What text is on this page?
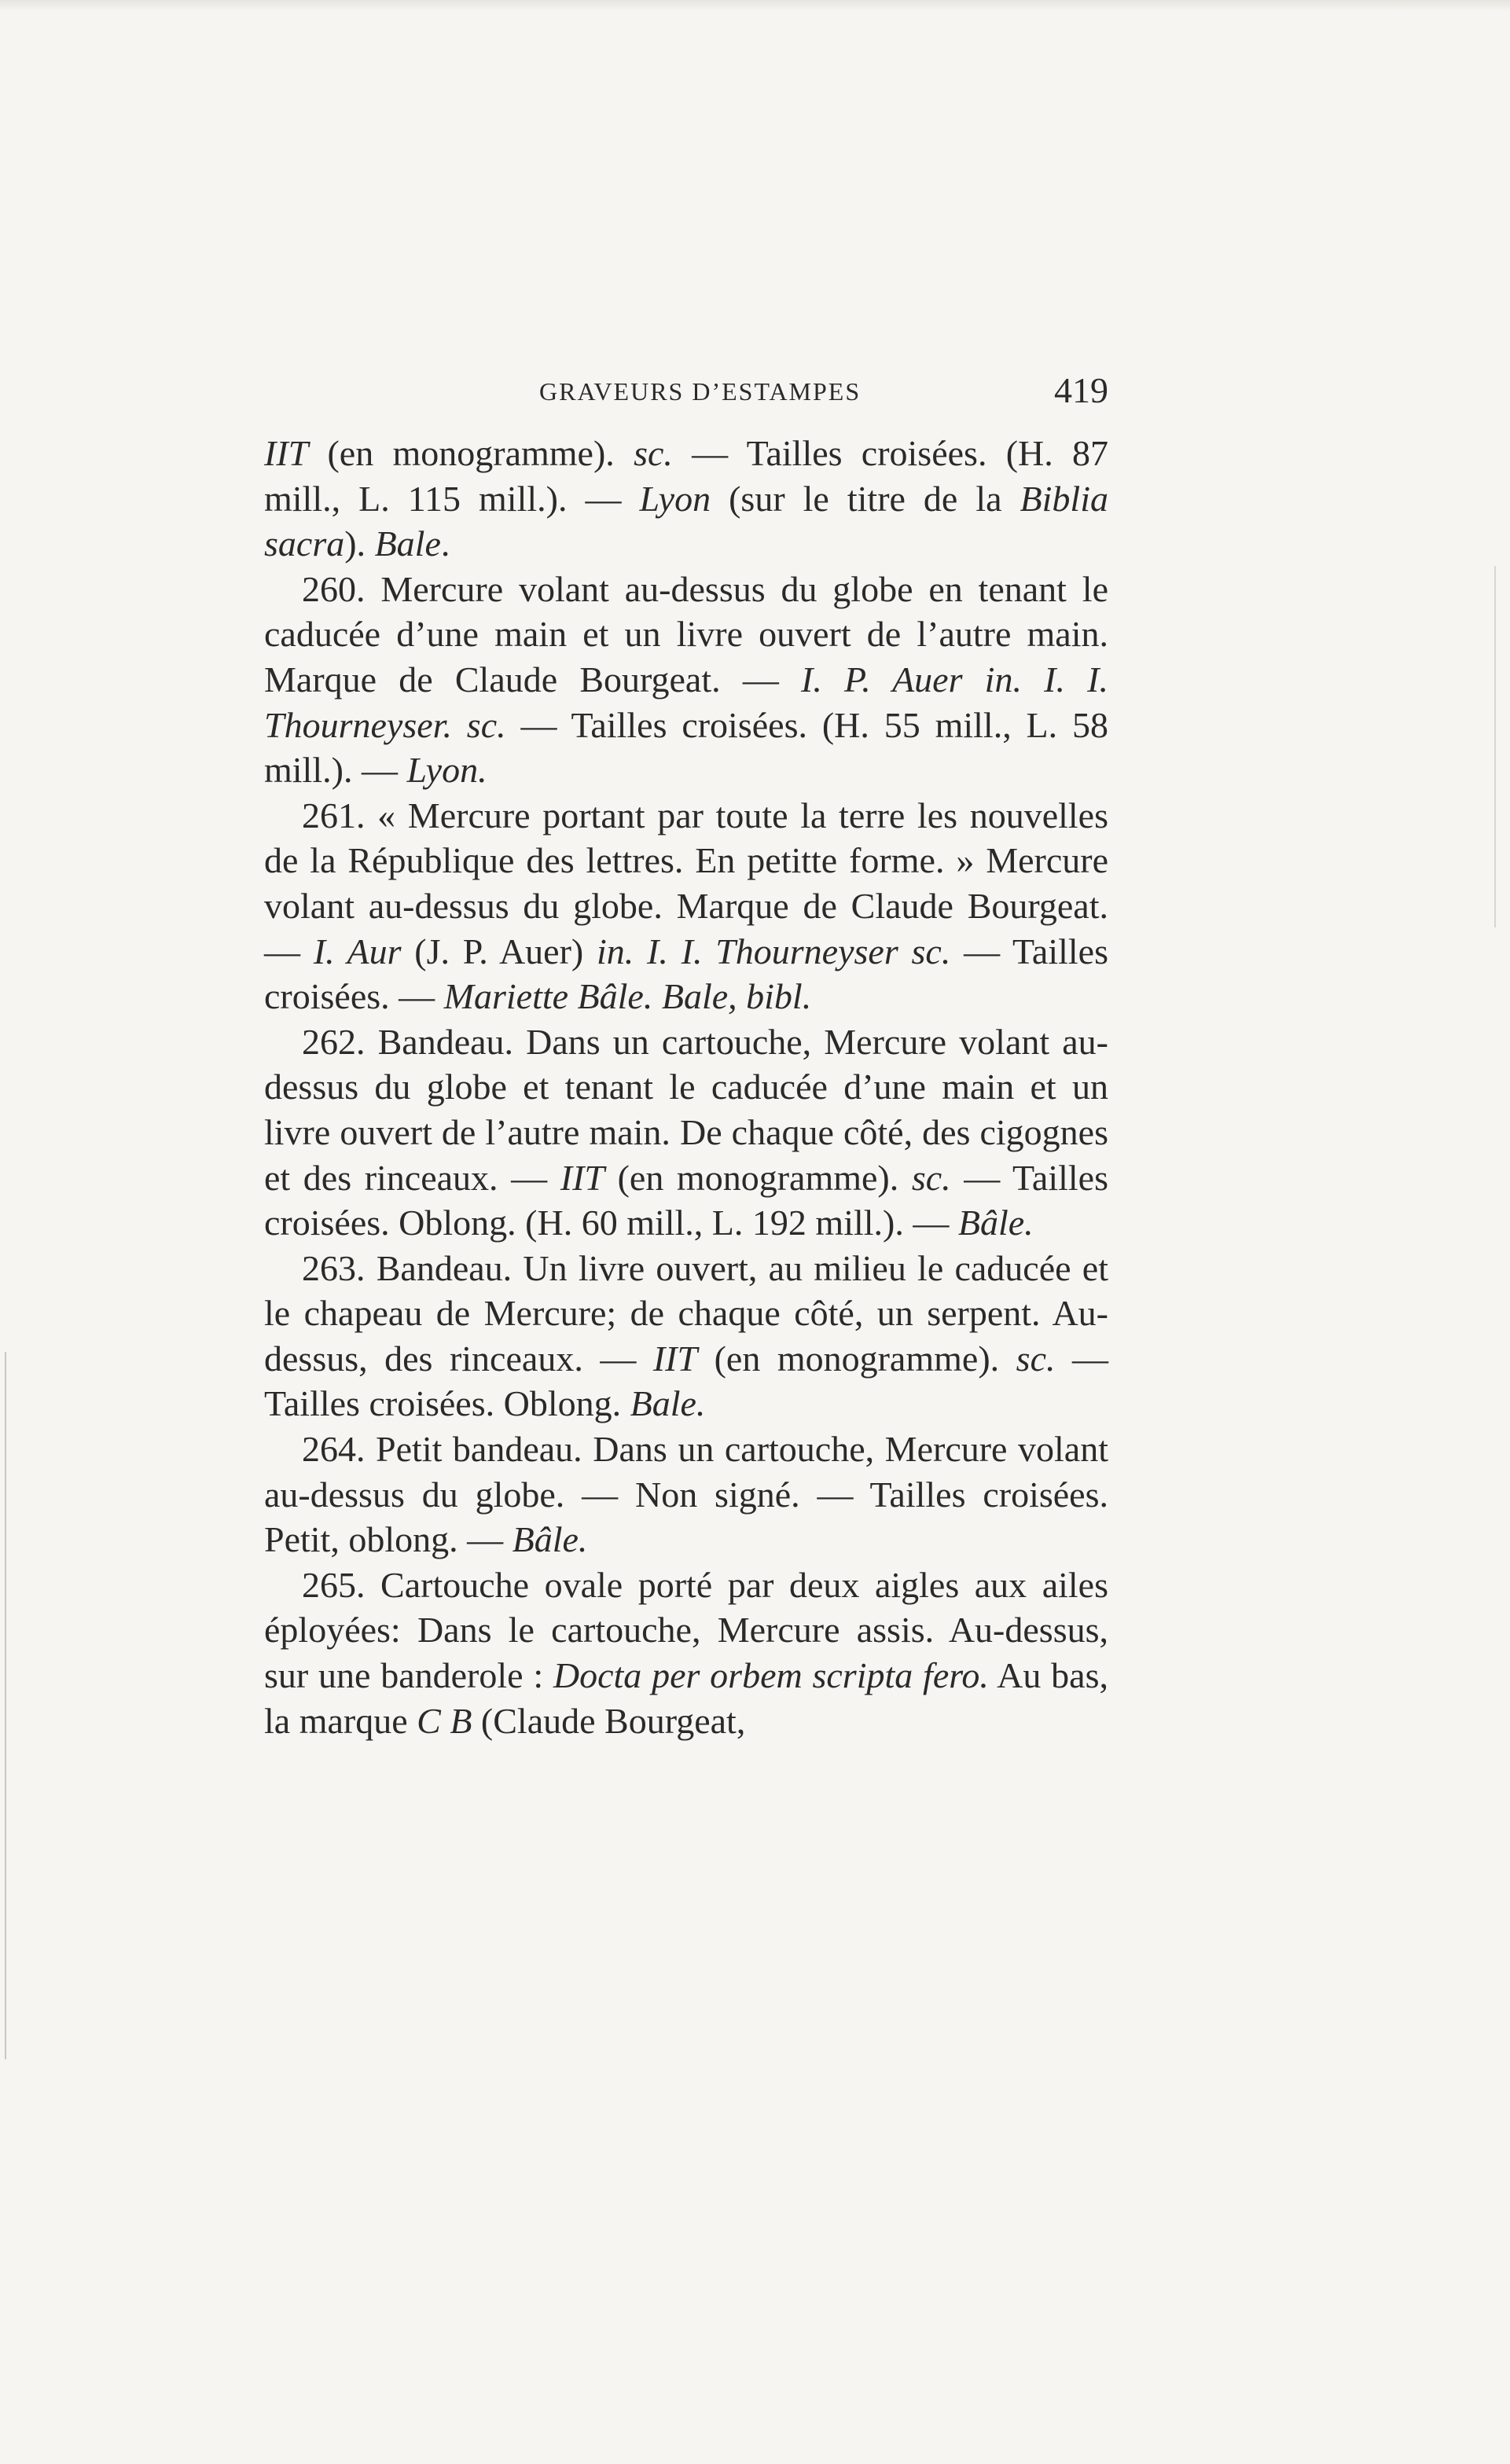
GRAVEURS D’ESTAMPES	419

IIT (en monogramme). sc. — Tailles croisées. (H. 87 mill., L. 115 mill.). — Lyon (sur le titre de la Biblia sacra). Bale.

260. Mercure volant au-dessus du globe en tenant le caducée d’une main et un livre ouvert de l’autre main. Marque de Claude Bourgeat. — I. P. Auer in. I. I. Thourneyser. sc. — Tailles croisées. (H. 55 mill., L. 58 mill.). — Lyon.

261. « Mercure portant par toute la terre les nouvelles de la République des lettres. En petitte forme. » Mercure volant au-dessus du globe. Marque de Claude Bourgeat. — I. Aur (J. P. Auer) in. I. I. Thourneyser sc. — Tailles croisées. — Mariette Bâle. Bale, bibl.

262. Bandeau. Dans un cartouche, Mercure volant au-dessus du globe et tenant le caducée d’une main et un livre ouvert de l’autre main. De chaque côté, des cigognes et des rinceaux. — IIT (en monogramme). sc. — Tailles croisées. Oblong. (H. 60 mill., L. 192 mill.). — Bâle.

263. Bandeau. Un livre ouvert, au milieu le caducée et le chapeau de Mercure; de chaque côté, un serpent. Au-dessus, des rinceaux. — IIT (en monogramme). sc. — Tailles croisées. Oblong. Bale.

264. Petit bandeau. Dans un cartouche, Mercure volant au-dessus du globe. — Non signé. — Tailles croisées. Petit, oblong. — Bâle.

265. Cartouche ovale porté par deux aigles aux ailes éployées: Dans le cartouche, Mercure assis. Au-dessus, sur une banderole : Docta per orbem scripta fero. Au bas, la marque C B (Claude Bourgeat,
